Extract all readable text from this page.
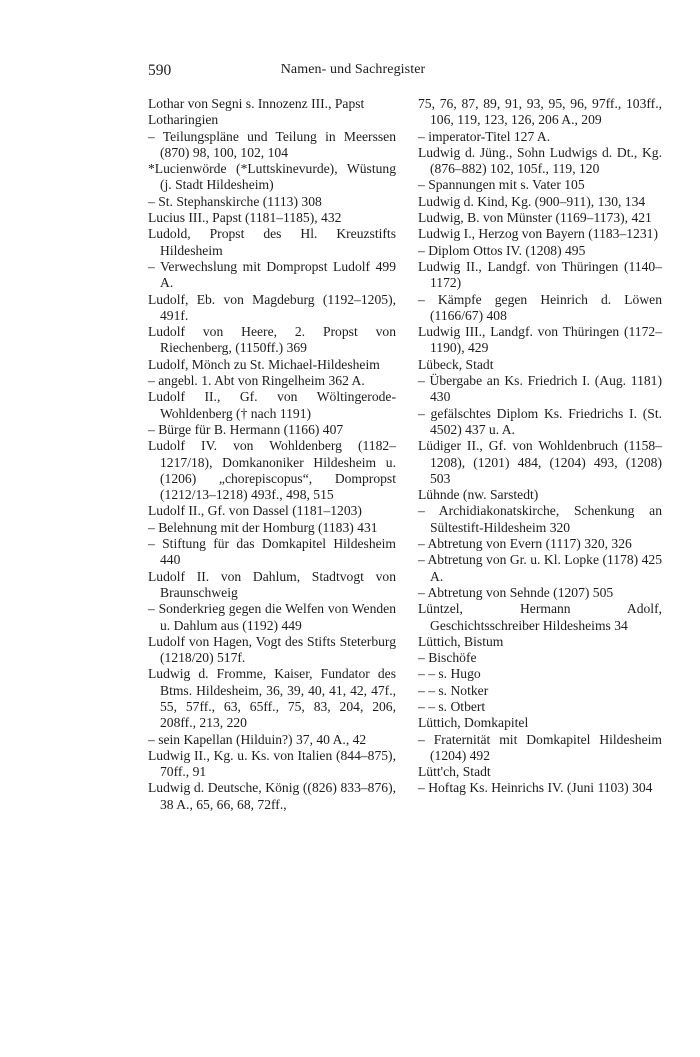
590	Namen- und Sachregister

Lothar von Segni s. Innozenz III., Papst

Lotharingien

– Teilungspläne und Teilung in Meerssen (870) 98, 100, 102, 104

*Lucienwörde (*Luttskinevurde), Wüstung (j. Stadt Hildesheim)

– St. Stephanskirche (1113) 308

Lucius III., Papst (1181–1185), 432

Ludold, Propst des Hl. Kreuzstifts Hildesheim

– Verwechslung mit Dompropst Ludolf 499 A.

Ludolf, Eb. von Magdeburg (1192–1205), 491f.

Ludolf von Heere, 2. Propst von Riechenberg, (1150ff.) 369

Ludolf, Mönch zu St. Michael-Hildesheim

– angebl. 1. Abt von Ringelheim 362 A.

Ludolf II., Gf. von Wöltingerode-Wohldenberg († nach 1191)

– Bürge für B. Hermann (1166) 407

Ludolf IV. von Wohldenberg (1182–1217/18), Domkanoniker Hildesheim u. (1206) „chorepiscopus“, Dompropst (1212/13–1218) 493f., 498, 515

Ludolf II., Gf. von Dassel (1181–1203)

– Belehnung mit der Homburg (1183) 431

– Stiftung für das Domkapitel Hildesheim 440

Ludolf II. von Dahlum, Stadtvogt von Braunschweig

– Sonderkrieg gegen die Welfen von Wenden u. Dahlum aus (1192) 449

Ludolf von Hagen, Vogt des Stifts Steterburg (1218/20) 517f.

Ludwig d. Fromme, Kaiser, Fundator des Btms. Hildesheim, 36, 39, 40, 41, 42, 47f., 55, 57ff., 63, 65ff., 75, 83, 204, 206, 208ff., 213, 220

– sein Kapellan (Hilduin?) 37, 40 A., 42

Ludwig II., Kg. u. Ks. von Italien (844–875), 70ff., 91

Ludwig d. Deutsche, König ((826) 833–876), 38 A., 65, 66, 68, 72ff.,

75, 76, 87, 89, 91, 93, 95, 96, 97ff., 103ff., 106, 119, 123, 126, 206 A., 209

– imperator-Titel 127 A.

Ludwig d. Jüng., Sohn Ludwigs d. Dt., Kg. (876–882) 102, 105f., 119, 120

– Spannungen mit s. Vater 105

Ludwig d. Kind, Kg. (900–911), 130, 134

Ludwig, B. von Münster (1169–1173), 421

Ludwig I., Herzog von Bayern (1183–1231)

– Diplom Ottos IV. (1208) 495

Ludwig II., Landgf. von Thüringen (1140–1172)

– Kämpfe gegen Heinrich d. Löwen (1166/67) 408

Ludwig III., Landgf. von Thüringen (1172–1190), 429

Lübeck, Stadt

– Übergabe an Ks. Friedrich I. (Aug. 1181) 430

– gefälschtes Diplom Ks. Friedrichs I. (St. 4502) 437 u. A.

Lüdiger II., Gf. von Wohldenbruch (1158–1208), (1201) 484, (1204) 493, (1208) 503

Lühnde (nw. Sarstedt)

– Archidiakonatskirche, Schenkung an Sültestift-Hildesheim 320

– Abtretung von Evern (1117) 320, 326

– Abtretung von Gr. u. Kl. Lopke (1178) 425 A.

– Abtretung von Sehnde (1207) 505

Lüntzel, Hermann Adolf, Geschichtsschreiber Hildesheims 34

Lüttich, Bistum

– Bischöfe

– – s. Hugo

– – s. Notker

– – s. Otbert

Lüttich, Domkapitel

– Fraternität mit Domkapitel Hildesheim (1204) 492

Lütt'ch, Stadt

– Hoftag Ks. Heinrichs IV. (Juni 1103) 304
